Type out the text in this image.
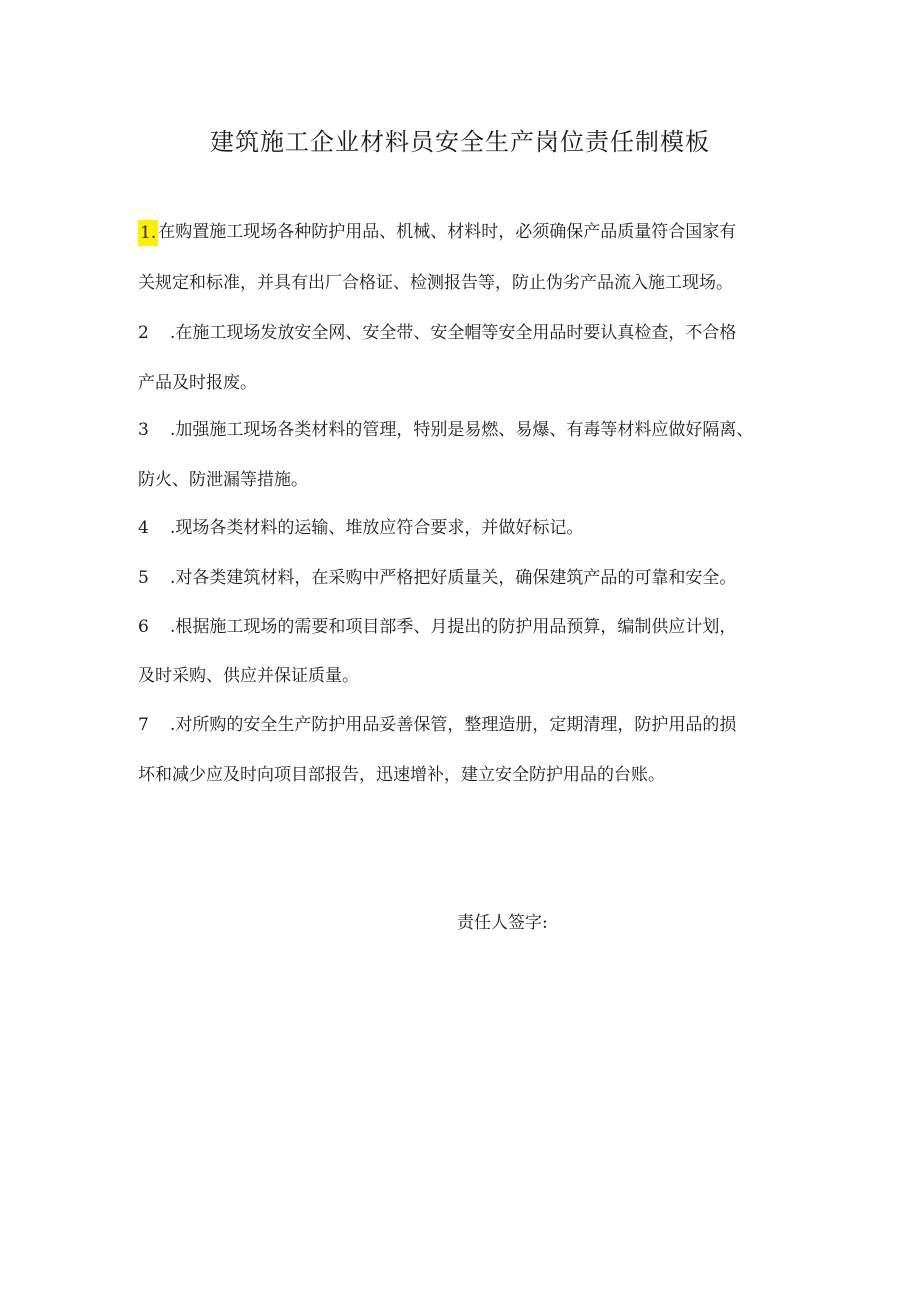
建筑施工企业材料员安全生产岗位责任制模板
1. 在购置施工现场各种防护用品、机械、材料时，必须确保产品质量符合国家有
关规定和标准，并具有出厂合格证、检测报告等，防止伪劣产品流入施工现场。
2 .在施工现场发放安全网、安全带、安全帽等安全用品时要认真检查，不合格
产品及时报废。
3 .加强施工现场各类材料的管理，特别是易燃、易爆、有毒等材料应做好隔离、
防火、防泄漏等措施。
4 .现场各类材料的运输、堆放应符合要求，并做好标记。
5 .对各类建筑材料，在采购中严格把好质量关，确保建筑产品的可靠和安全。
6 .根据施工现场的需要和项目部季、月提出的防护用品预算，编制供应计划，
及时采购、供应并保证质量。
7 .对所购的安全生产防护用品妥善保管，整理造册，定期清理，防护用品的损
坏和减少应及时向项目部报告，迅速增补，建立安全防护用品的台账。
责任人签字:
